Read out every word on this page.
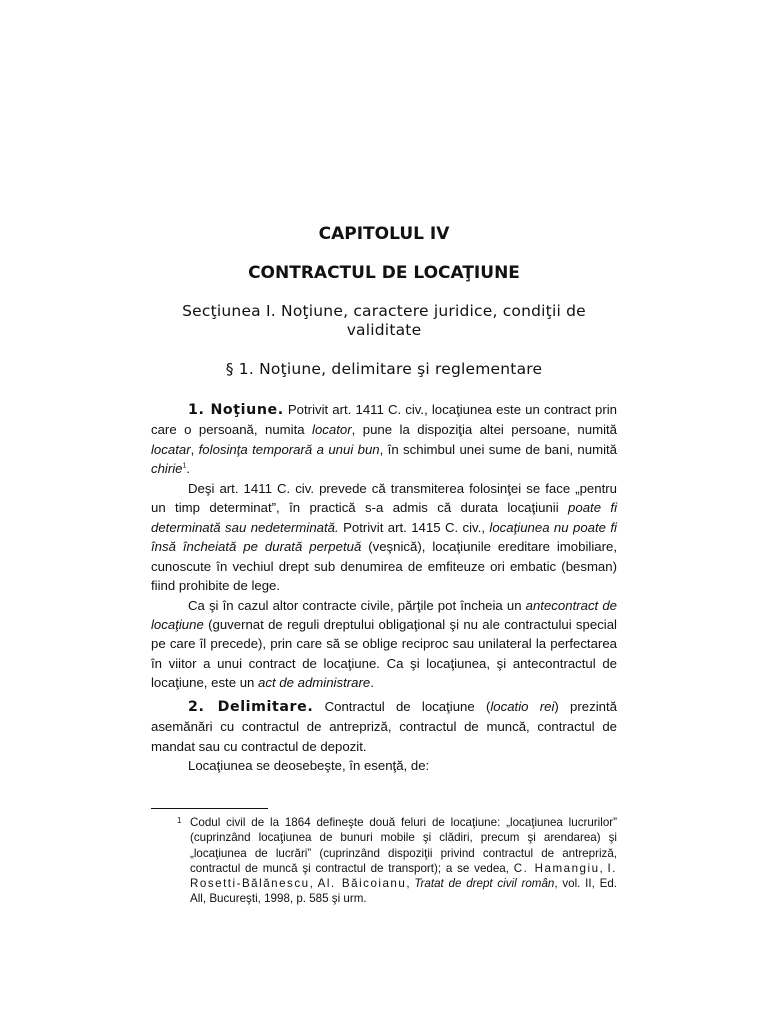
CAPITOLUL IV
CONTRACTUL DE LOCAŢIUNE
Secţiunea I. Noţiune, caractere juridice, condiţii de validitate
§ 1. Noţiune, delimitare şi reglementare

1. Noţiune. Potrivit art. 1411 C. civ., locaţiunea este un contract prin care o persoană, numita locator, pune la dispoziţia altei persoane, numită locatar, folosinţa temporară a unui bun, în schimbul unei sume de bani, numită chirie$^1$.

Deşi art. 1411 C. civ. prevede că transmiterea folosinţei se face „pentru un timp determinat”, în practică s-a admis că durata locaţiunii poate fi determinată sau nedeterminată. Potrivit art. 1415 C. civ., locaţiunea nu poate fi însă încheiată pe durată perpetuă (veşnică), locaţiunile ereditare imobiliare, cunoscute în vechiul drept sub denumirea de emfiteuze ori embatic (besman) fiind prohibite de lege.

Ca şi în cazul altor contracte civile, părţile pot încheia un antecontract de locaţiune (guvernat de reguli dreptului obligaţional şi nu ale contractului special pe care îl precede), prin care să se oblige reciproc sau unilateral la perfectarea în viitor a unui contract de locaţiune. Ca şi locaţiunea, şi antecontractul de locaţiune, este un act de administrare.

2. Delimitare. Contractul de locaţiune (locatio rei) prezintă asemănări cu contractul de antrepriză, contractul de muncă, contractul de mandat sau cu contractul de depozit.

Locaţiunea se deosebeşte, în esenţă, de:

1 Codul civil de la 1864 defineşte două feluri de locaţiune: „locaţiunea lucrurilor” (cuprinzând locaţiunea de bunuri mobile şi clădiri, precum şi arendarea) şi „locaţiunea de lucrări” (cuprinzând dispoziţii privind contractul de antrepriză, contractul de muncă şi contractul de transport); a se vedea, C. Hamangiu, I. Rosetti-Bălănescu, Al. Băicoianu, Tratat de drept civil român, vol. II, Ed. All, Bucureşti, 1998, p. 585 şi urm.
